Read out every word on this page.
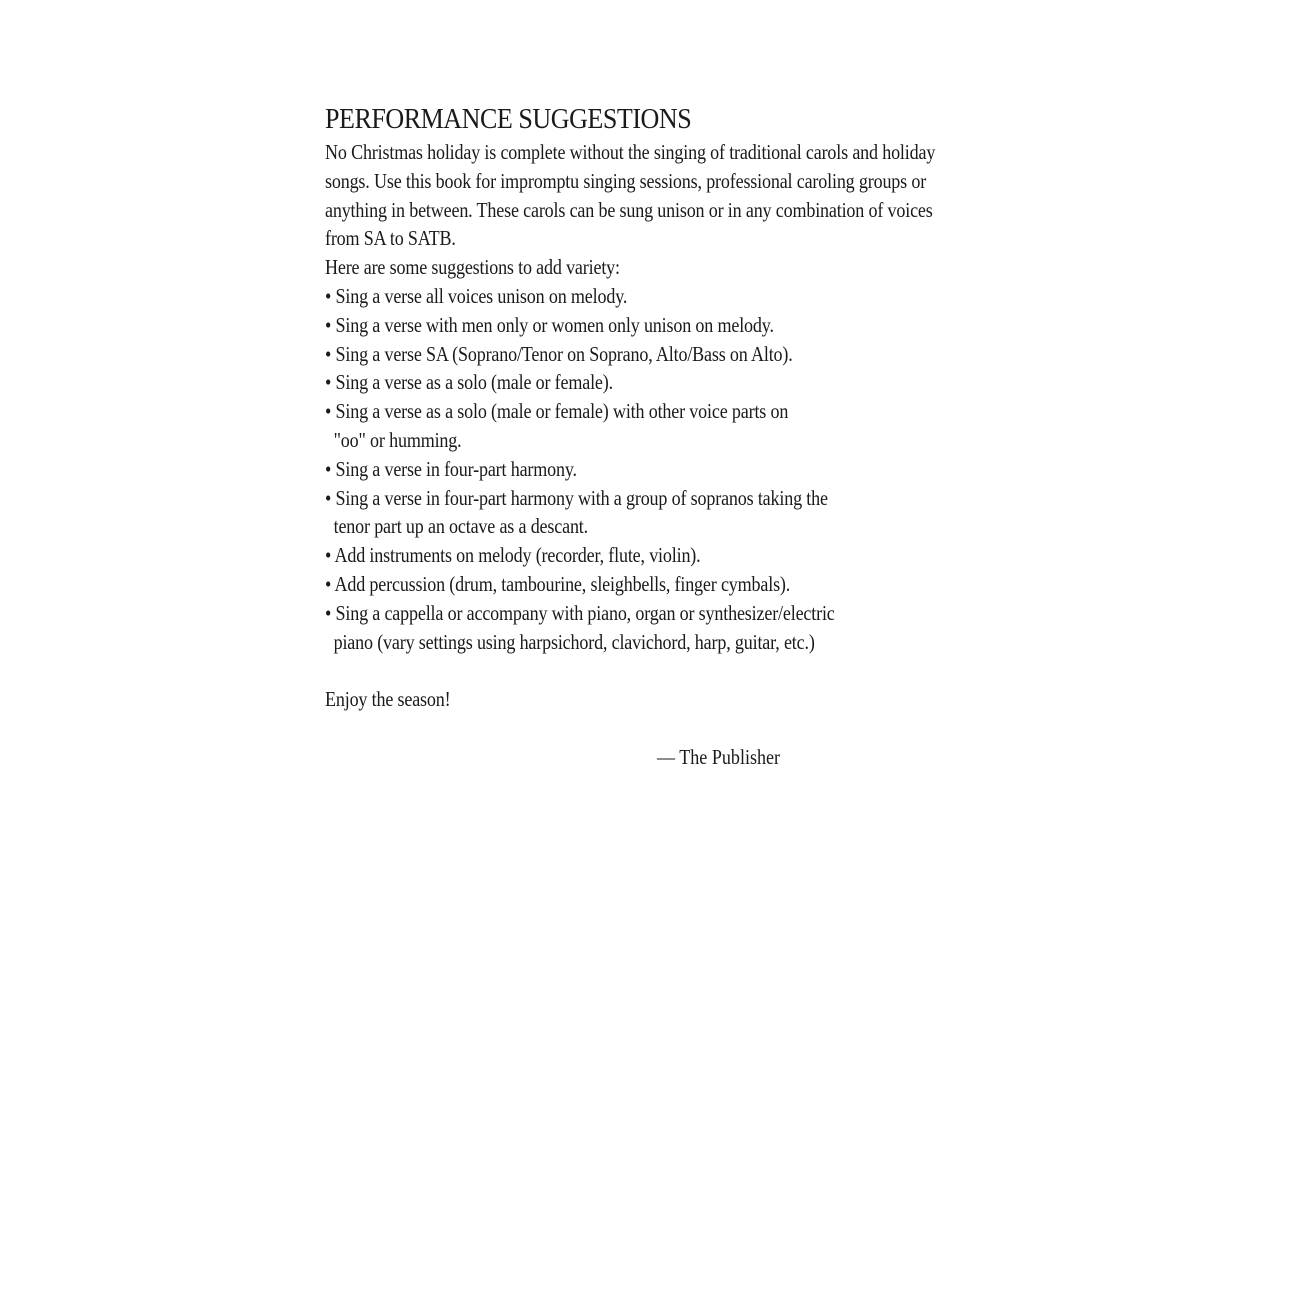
PERFORMANCE SUGGESTIONS

No Christmas holiday is complete without the singing of traditional carols and holiday

songs. Use this book for impromptu singing sessions, professional caroling groups or

anything in between. These carols can be sung unison or in any combination of voices

from SA to SATB.

Here are some suggestions to add variety:

• Sing a verse all voices unison on melody.

• Sing a verse with men only or women only unison on melody.

• Sing a verse SA (Soprano/Tenor on Soprano, Alto/Bass on Alto).

• Sing a verse as a solo (male or female).

• Sing a verse as a solo (male or female) with other voice parts on

"oo" or humming.

• Sing a verse in four-part harmony.

• Sing a verse in four-part harmony with a group of sopranos taking the

tenor part up an octave as a descant.

• Add instruments on melody (recorder, flute, violin).

• Add percussion (drum, tambourine, sleighbells, finger cymbals).

• Sing a cappella or accompany with piano, organ or synthesizer/electric

piano (vary settings using harpsichord, clavichord, harp, guitar, etc.)

Enjoy the season!

— The Publisher
